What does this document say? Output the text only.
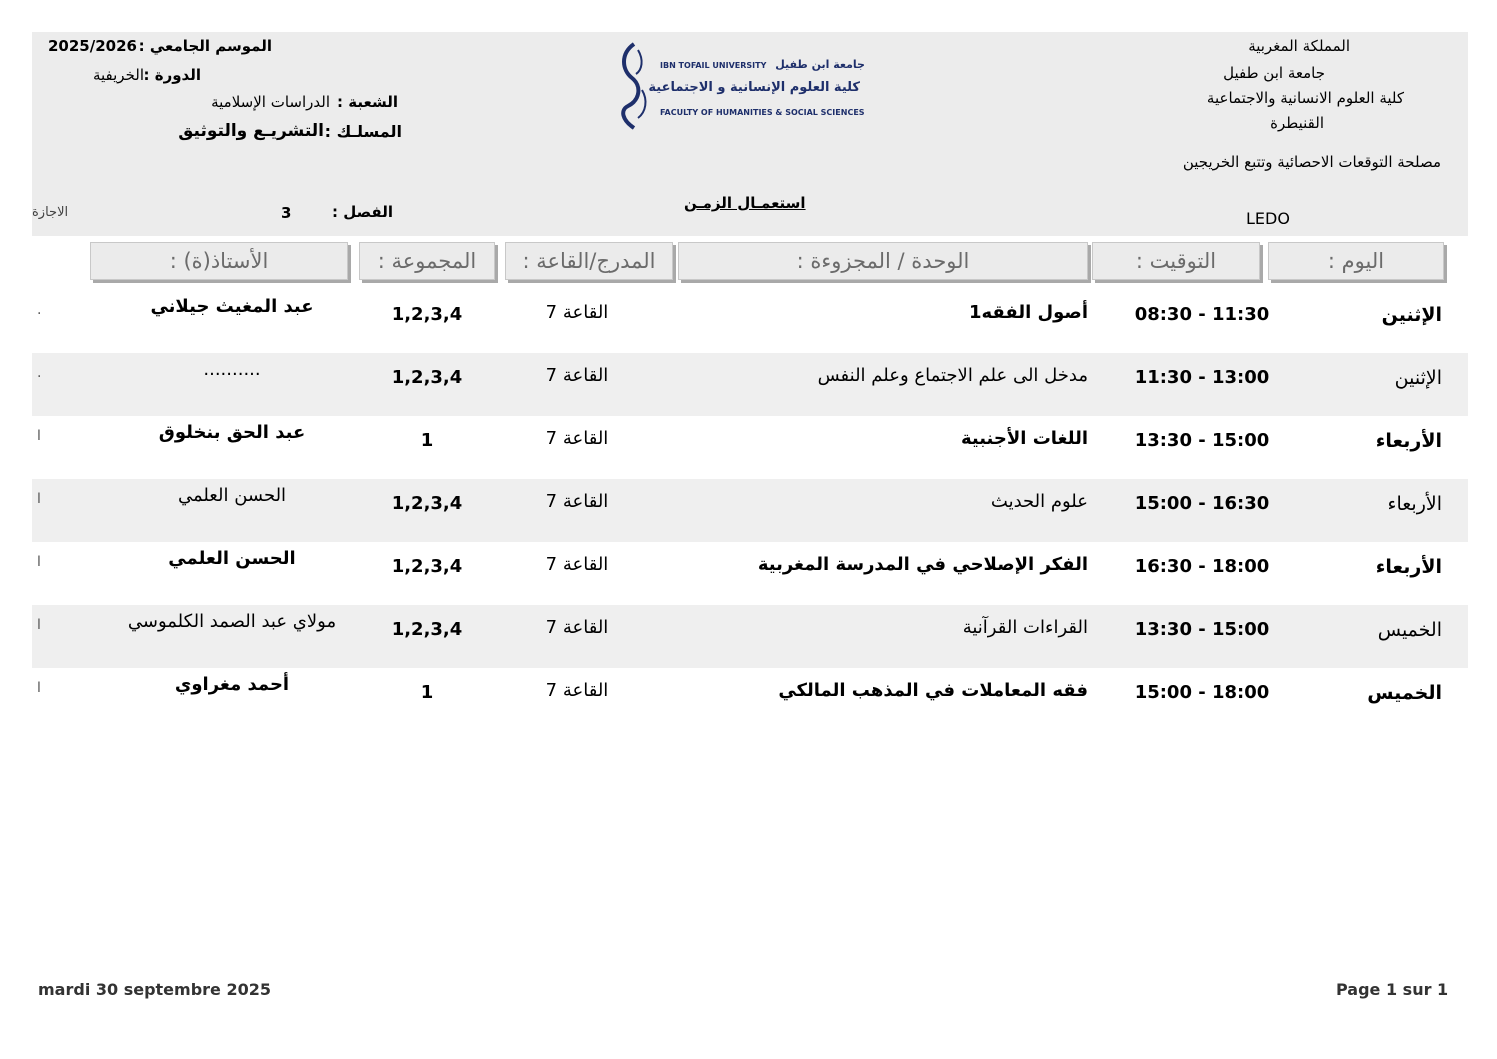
المملكة المغربية
جامعة ابن طفيل
كلية العلوم الانسانية والاجتماعية
القنيطرة
مصلحة التوقعات الاحصائية وتتبع الخريجين
الموسم الجامعي :
2025/2026
الدورة :
الخريفية
الشعبة :
الدراسات الإسلامية
المسلـك :
التشريـع والتوثيق
IBN TOFAIL UNIVERSITY جامعة ابن طفيل
كلية العلوم الإنسانية و الاجتماعية
FACULTY OF HUMANITIES & SOCIAL SCIENCES
استعمـال الزمـن
الفصل :
3
الاجازة	LEDO
اليوم :
التوقيت :
الوحدة / المجزوءة :
المدرج/القاعة :
المجموعة :
الأستاذ(ة) :
الإثنين
08:30 - 11:30
أصول الفقه1
القاعة 7
1,2,3,4
عبد المغيث جيلاني
.
الإثنين
11:30 - 13:00
مدخل الى علم الاجتماع وعلم النفس
القاعة 7
1,2,3,4
..........
.
الأربعاء
13:30 - 15:00
اللغات الأجنبية
القاعة 7
1
عبد الحق بنخلوق
ا
الأربعاء
15:00 - 16:30
علوم الحديث
القاعة 7
1,2,3,4
الحسن العلمي
ا
الأربعاء
16:30 - 18:00
الفكر الإصلاحي في المدرسة المغربية
القاعة 7
1,2,3,4
الحسن العلمي
ا
الخميس
13:30 - 15:00
القراءات القرآنية
القاعة 7
1,2,3,4
مولاي عبد الصمد الكلموسي
ا
الخميس
15:00 - 18:00
فقه المعاملات في المذهب المالكي
القاعة 7
1
أحمد مغراوي
ا
mardi 30 septembre 2025	Page 1 sur 1
